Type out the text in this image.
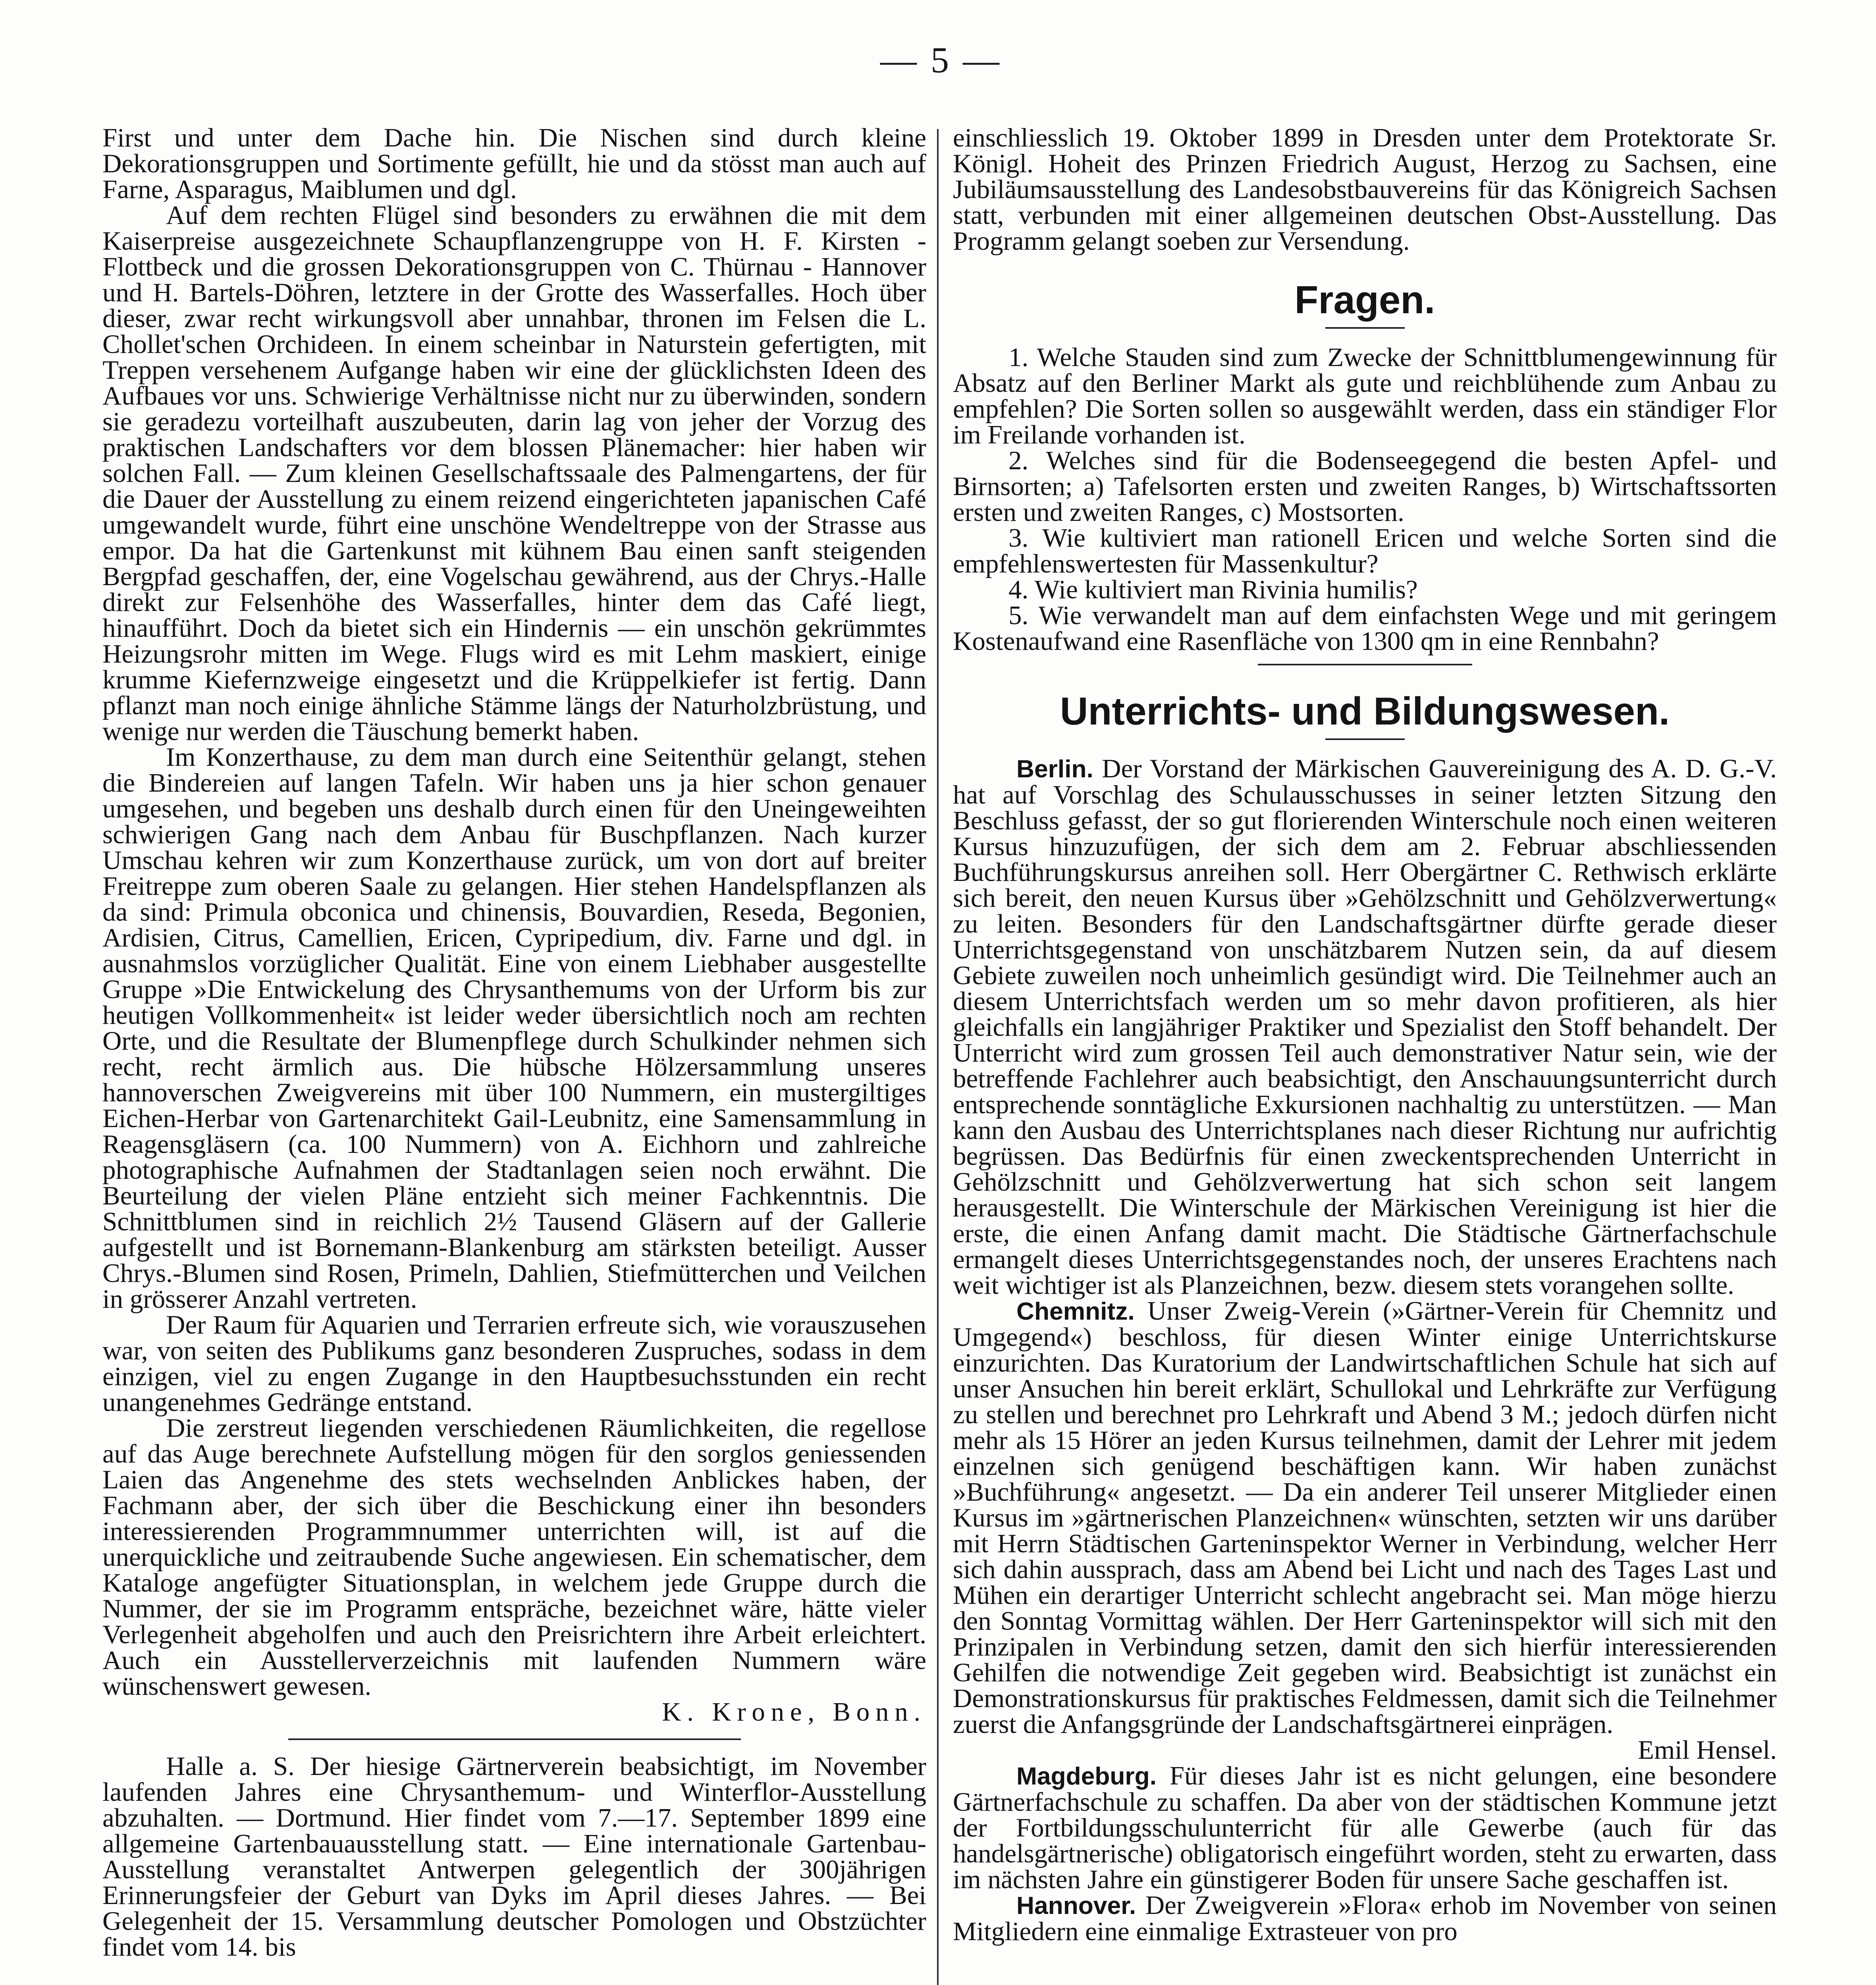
— 5 —

First und unter dem Dache hin. Die Nischen sind durch kleine Dekorationsgruppen und Sortimente gefüllt, hie und da stösst man auch auf Farne, Asparagus, Maiblumen und dgl.

Auf dem rechten Flügel sind besonders zu erwähnen die mit dem Kaiserpreise ausgezeichnete Schaupflanzengruppe von H. F. Kirsten - Flottbeck und die grossen Dekorationsgruppen von C. Thürnau - Hannover und H. Bartels-Döhren, letztere in der Grotte des Wasserfalles. Hoch über dieser, zwar recht wirkungsvoll aber unnahbar, thronen im Felsen die L. Chollet'schen Orchideen. In einem scheinbar in Naturstein gefertigten, mit Treppen versehenem Aufgange haben wir eine der glücklichsten Ideen des Aufbaues vor uns. Schwierige Verhältnisse nicht nur zu überwinden, sondern sie geradezu vorteilhaft auszubeuten, darin lag von jeher der Vorzug des praktischen Landschafters vor dem blossen Plänemacher: hier haben wir solchen Fall. — Zum kleinen Gesellschaftssaale des Palmengartens, der für die Dauer der Ausstellung zu einem reizend eingerichteten japanischen Café umgewandelt wurde, führt eine unschöne Wendeltreppe von der Strasse aus empor. Da hat die Gartenkunst mit kühnem Bau einen sanft steigenden Bergpfad geschaffen, der, eine Vogelschau gewährend, aus der Chrys.-Halle direkt zur Felsenhöhe des Wasserfalles, hinter dem das Café liegt, hinaufführt. Doch da bietet sich ein Hindernis — ein unschön gekrümmtes Heizungsrohr mitten im Wege. Flugs wird es mit Lehm maskiert, einige krumme Kiefernzweige eingesetzt und die Krüppelkiefer ist fertig. Dann pflanzt man noch einige ähnliche Stämme längs der Naturholzbrüstung, und wenige nur werden die Täuschung bemerkt haben.

Im Konzerthause, zu dem man durch eine Seitenthür gelangt, stehen die Bindereien auf langen Tafeln. Wir haben uns ja hier schon genauer umgesehen, und begeben uns deshalb durch einen für den Uneingeweihten schwierigen Gang nach dem Anbau für Buschpflanzen. Nach kurzer Umschau kehren wir zum Konzerthause zurück, um von dort auf breiter Freitreppe zum oberen Saale zu gelangen. Hier stehen Handelspflanzen als da sind: Primula obconica und chinensis, Bouvardien, Reseda, Begonien, Ardisien, Citrus, Camellien, Ericen, Cypripedium, div. Farne und dgl. in ausnahmslos vorzüglicher Qualität. Eine von einem Liebhaber ausgestellte Gruppe »Die Entwickelung des Chrysanthemums von der Urform bis zur heutigen Vollkommenheit« ist leider weder übersichtlich noch am rechten Orte, und die Resultate der Blumenpflege durch Schulkinder nehmen sich recht, recht ärmlich aus. Die hübsche Hölzersammlung unseres hannoverschen Zweigvereins mit über 100 Nummern, ein mustergiltiges Eichen-Herbar von Gartenarchitekt Gail-Leubnitz, eine Samensammlung in Reagensgläsern (ca. 100 Nummern) von A. Eichhorn und zahlreiche photographische Aufnahmen der Stadtanlagen seien noch erwähnt. Die Beurteilung der vielen Pläne entzieht sich meiner Fachkenntnis. Die Schnittblumen sind in reichlich 2½ Tausend Gläsern auf der Gallerie aufgestellt und ist Bornemann-Blankenburg am stärksten beteiligt. Ausser Chrys.-Blumen sind Rosen, Primeln, Dahlien, Stiefmütterchen und Veilchen in grösserer Anzahl vertreten.

Der Raum für Aquarien und Terrarien erfreute sich, wie vorauszusehen war, von seiten des Publikums ganz besonderen Zuspruches, sodass in dem einzigen, viel zu engen Zugange in den Hauptbesuchsstunden ein recht unangenehmes Gedränge entstand.

Die zerstreut liegenden verschiedenen Räumlichkeiten, die regellose auf das Auge berechnete Aufstellung mögen für den sorglos geniessenden Laien das Angenehme des stets wechselnden Anblickes haben, der Fachmann aber, der sich über die Beschickung einer ihn besonders interessierenden Programmnummer unterrichten will, ist auf die unerquickliche und zeitraubende Suche angewiesen. Ein schematischer, dem Kataloge angefügter Situationsplan, in welchem jede Gruppe durch die Nummer, der sie im Programm entspräche, bezeichnet wäre, hätte vieler Verlegenheit abgeholfen und auch den Preisrichtern ihre Arbeit erleichtert. Auch ein Ausstellerverzeichnis mit laufenden Nummern wäre wünschenswert gewesen.

K. Krone, Bonn.

Halle a. S. Der hiesige Gärtnerverein beabsichtigt, im November laufenden Jahres eine Chrysanthemum- und Winterflor-Ausstellung abzuhalten. — Dortmund. Hier findet vom 7.—17. September 1899 eine allgemeine Gartenbauausstellung statt. — Eine internationale Gartenbau-Ausstellung veranstaltet Antwerpen gelegentlich der 300jährigen Erinnerungsfeier der Geburt van Dyks im April dieses Jahres. — Bei Gelegenheit der 15. Versammlung deutscher Pomologen und Obstzüchter findet vom 14. bis

einschliesslich 19. Oktober 1899 in Dresden unter dem Protektorate Sr. Königl. Hoheit des Prinzen Friedrich August, Herzog zu Sachsen, eine Jubiläumsausstellung des Landesobstbauvereins für das Königreich Sachsen statt, verbunden mit einer allgemeinen deutschen Obst-Ausstellung. Das Programm gelangt soeben zur Versendung.

Fragen.

1. Welche Stauden sind zum Zwecke der Schnittblumengewinnung für Absatz auf den Berliner Markt als gute und reichblühende zum Anbau zu empfehlen? Die Sorten sollen so ausgewählt werden, dass ein ständiger Flor im Freilande vorhanden ist.

2. Welches sind für die Bodenseegegend die besten Apfel- und Birnsorten; a) Tafelsorten ersten und zweiten Ranges, b) Wirtschaftssorten ersten und zweiten Ranges, c) Mostsorten.

3. Wie kultiviert man rationell Ericen und welche Sorten sind die empfehlenswertesten für Massenkultur?

4. Wie kultiviert man Rivinia humilis?

5. Wie verwandelt man auf dem einfachsten Wege und mit geringem Kostenaufwand eine Rasenfläche von 1300 qm in eine Rennbahn?

Unterrichts- und Bildungswesen.

Berlin. Der Vorstand der Märkischen Gauvereinigung des A. D. G.-V. hat auf Vorschlag des Schulausschusses in seiner letzten Sitzung den Beschluss gefasst, der so gut florierenden Winterschule noch einen weiteren Kursus hinzuzufügen, der sich dem am 2. Februar abschliessenden Buchführungskursus anreihen soll. Herr Obergärtner C. Rethwisch erklärte sich bereit, den neuen Kursus über »Gehölzschnitt und Gehölzverwertung« zu leiten. Besonders für den Landschaftsgärtner dürfte gerade dieser Unterrichtsgegenstand von unschätzbarem Nutzen sein, da auf diesem Gebiete zuweilen noch unheimlich gesündigt wird. Die Teilnehmer auch an diesem Unterrichtsfach werden um so mehr davon profitieren, als hier gleichfalls ein langjähriger Praktiker und Spezialist den Stoff behandelt. Der Unterricht wird zum grossen Teil auch demonstrativer Natur sein, wie der betreffende Fachlehrer auch beabsichtigt, den Anschauungsunterricht durch entsprechende sonntägliche Exkursionen nachhaltig zu unterstützen. — Man kann den Ausbau des Unterrichtsplanes nach dieser Richtung nur aufrichtig begrüssen. Das Bedürfnis für einen zweckentsprechenden Unterricht in Gehölzschnitt und Gehölzverwertung hat sich schon seit langem herausgestellt. Die Winterschule der Märkischen Vereinigung ist hier die erste, die einen Anfang damit macht. Die Städtische Gärtnerfachschule ermangelt dieses Unterrichtsgegenstandes noch, der unseres Erachtens nach weit wichtiger ist als Planzeichnen, bezw. diesem stets vorangehen sollte.

Chemnitz. Unser Zweig-Verein (»Gärtner-Verein für Chemnitz und Umgegend«) beschloss, für diesen Winter einige Unterrichtskurse einzurichten. Das Kuratorium der Landwirtschaftlichen Schule hat sich auf unser Ansuchen hin bereit erklärt, Schullokal und Lehrkräfte zur Verfügung zu stellen und berechnet pro Lehrkraft und Abend 3 M.; jedoch dürfen nicht mehr als 15 Hörer an jeden Kursus teilnehmen, damit der Lehrer mit jedem einzelnen sich genügend beschäftigen kann. Wir haben zunächst »Buchführung« angesetzt. — Da ein anderer Teil unserer Mitglieder einen Kursus im »gärtnerischen Planzeichnen« wünschten, setzten wir uns darüber mit Herrn Städtischen Garteninspektor Werner in Verbindung, welcher Herr sich dahin aussprach, dass am Abend bei Licht und nach des Tages Last und Mühen ein derartiger Unterricht schlecht angebracht sei. Man möge hierzu den Sonntag Vormittag wählen. Der Herr Garteninspektor will sich mit den Prinzipalen in Verbindung setzen, damit den sich hierfür interessierenden Gehilfen die notwendige Zeit gegeben wird. Beabsichtigt ist zunächst ein Demonstrationskursus für praktisches Feldmessen, damit sich die Teilnehmer zuerst die Anfangsgründe der Landschaftsgärtnerei einprägen.

Emil Hensel.

Magdeburg. Für dieses Jahr ist es nicht gelungen, eine besondere Gärtnerfachschule zu schaffen. Da aber von der städtischen Kommune jetzt der Fortbildungsschulunterricht für alle Gewerbe (auch für das handelsgärtnerische) obligatorisch eingeführt worden, steht zu erwarten, dass im nächsten Jahre ein günstigerer Boden für unsere Sache geschaffen ist.

Hannover. Der Zweigverein »Flora« erhob im November von seinen Mitgliedern eine einmalige Extrasteuer von pro
